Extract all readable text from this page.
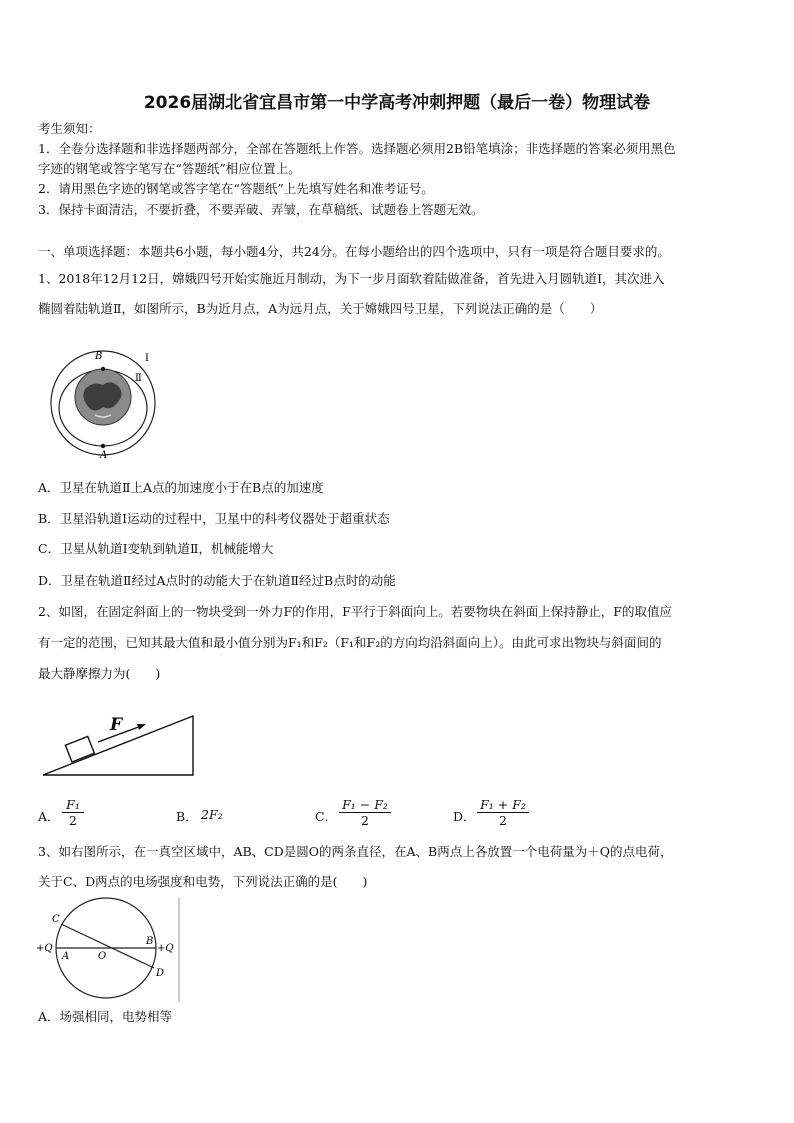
2026届湖北省宜昌市第一中学高考冲刺押题（最后一卷）物理试卷
考生须知：
1．全卷分选择题和非选择题两部分，全部在答题纸上作答。选择题必须用2B铅笔填涂；非选择题的答案必须用黑色
字迹的钢笔或答字笔写在“答题纸”相应位置上。
2．请用黑色字迹的钢笔或答字笔在“答题纸”上先填写姓名和准考证号。
3．保持卡面清洁，不要折叠，不要弄破、弄皱，在草稿纸、试题卷上答题无效。
一、单项选择题：本题共6小题，每小题4分，共24分。在每小题给出的四个选项中，只有一项是符合题目要求的。
1、2018年12月12日，嫦娥四号开始实施近月制动，为下一步月面软着陆做准备，首先进入月圆轨道Ⅰ，其次进入
椭圆着陆轨道Ⅱ，如图所示，B为近月点，A为远月点，关于嫦娥四号卫星，下列说法正确的是（　　）
B
A
Ⅰ
Ⅱ
A．卫星在轨道Ⅱ上A点的加速度小于在B点的加速度
B．卫星沿轨道Ⅰ运动的过程中，卫星中的科考仪器处于超重状态
C．卫星从轨道Ⅰ变轨到轨道Ⅱ，机械能增大
D．卫星在轨道Ⅱ经过A点时的动能大于在轨道Ⅱ经过B点时的动能
2、如图，在固定斜面上的一物块受到一外力F的作用，F平行于斜面向上。若要物块在斜面上保持静止，F的取值应
有一定的范围，已知其最大值和最小值分别为F₁和F₂（F₁和F₂的方向均沿斜面向上）。由此可求出物块与斜面间的
最大静摩擦力为(　　)
F
A． $\frac{\text{F₁}}{2}$	B． 2F₂	C． $\frac{\text{F₁ − F₂}}{2}$	D． $\frac{\text{F₁ + F₂}}{2}$
3、如右图所示，在一真空区域中，AB、CD是圆O的两条直径，在A、B两点上各放置一个电荷量为＋Q的点电荷，
关于C、D两点的电场强度和电势，下列说法正确的是(　　)
C
A	O
B
D
+Q	+Q
A．场强相同，电势相等
